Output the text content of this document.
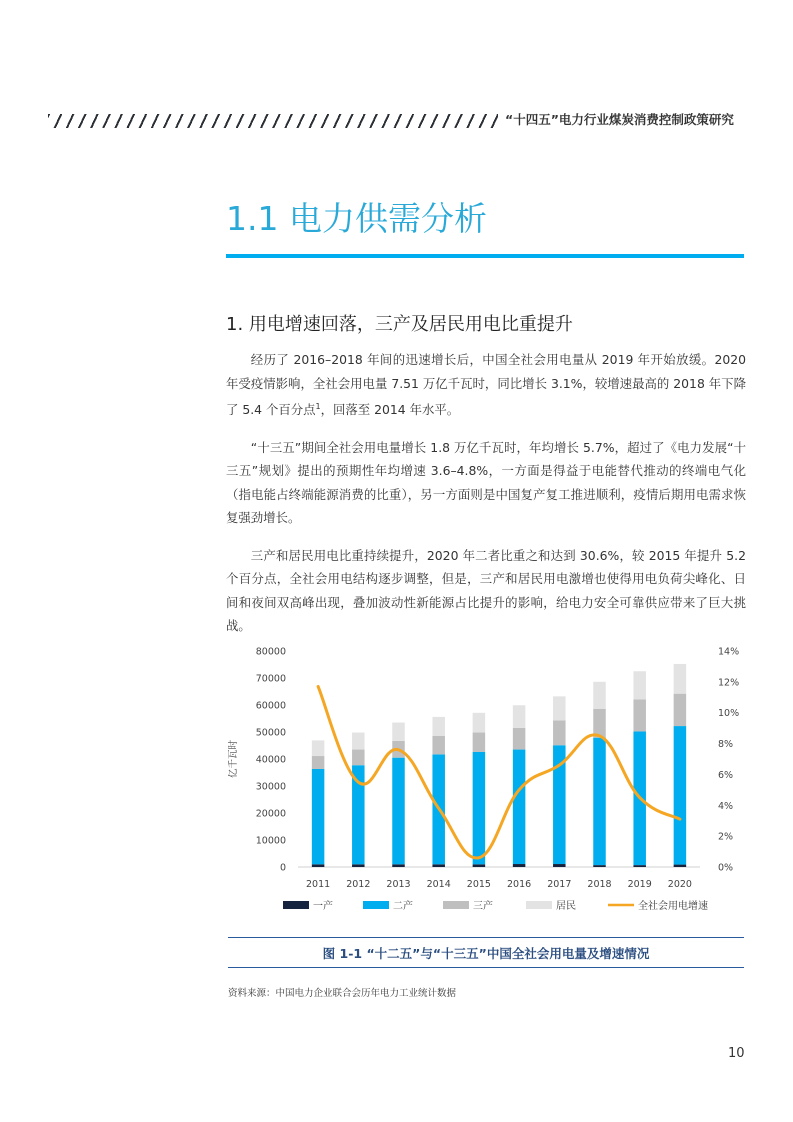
“十四五”电力行业煤炭消费控制政策研究
1.1 电力供需分析
1. 用电增速回落，三产及居民用电比重提升

经历了 2016–2018 年间的迅速增长后，中国全社会用电量从 2019 年开始放缓。2020 年受疫情影响，全社会用电量 7.51 万亿千瓦时，同比增长 3.1%，较增速最高的 2018 年下降了 5.4 个百分点$^1$，回落至 2014 年水平。

“十三五”期间全社会用电量增长 1.8 万亿千瓦时，年均增长 5.7%，超过了《电力发展“十三五”规划》提出的预期性年均增速 3.6–4.8%，一方面是得益于电能替代推动的终端电气化（指电能占终端能源消费的比重），另一方面则是中国复产复工推进顺利，疫情后期用电需求恢复强劲增长。

三产和居民用电比重持续提升，2020 年二者比重之和达到 30.6%，较 2015 年提升 5.2 个百分点，全社会用电结构逐步调整，但是，三产和居民用电激增也使得用电负荷尖峰化、日间和夜间双高峰出现，叠加波动性新能源占比提升的影响，给电力安全可靠供应带来了巨大挑战。

0
10000
20000
30000
40000
50000
60000
70000
80000
0%
2%
4%
6%
8%
10%
12%
14%
2011 2012 2013 2014 2015 2016 2017 2018 2019 2020
一产	二产	三产	居民	全社会用电增速
亿千瓦时
图 1-1 “十二五”与“十三五”中国全社会用电量及增速情况
资料来源：中国电力企业联合会历年电力工业统计数据
10
